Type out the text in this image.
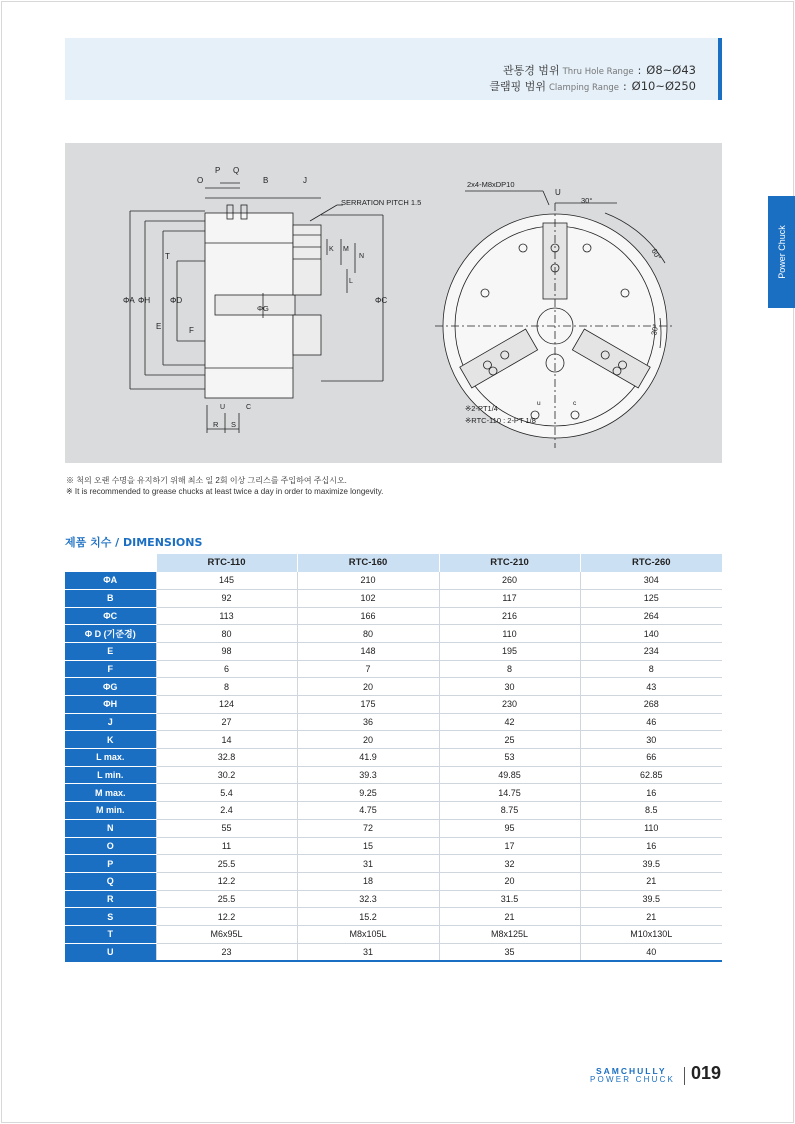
관통경 범위 Thru Hole Range : Ø8~Ø43
클램핑 범위 Clamping Range : Ø10~Ø250
Power Chuck
P Q
O	B	J
SERRATION PITCH 1.5
K M
N
L
T
ΦA ΦH
E
ΦD
F
ΦG
ΦC
U	C
R S
2x4-M8xDP10
U
30°
60°
30°
u	c
※2-PT1/4
※RTC-110 : 2-PT 1/8
※ 척의 오랜 수명을 유지하기 위해 최소 일 2회 이상 그리스를 주입하여 주십시오.
※ It is recommended to grease chucks at least twice a day in order to maximize longevity.
제품 치수 / DIMENSIONS
	RTC-110	RTC-160	RTC-210	RTC-260
ΦA	145	210	260	304
B	92	102	117	125
ΦC	113	166	216	264
Φ D (기준경)	80	80	110	140
E	98	148	195	234
F	6	7	8	8
ΦG	8	20	30	43
ΦH	124	175	230	268
J	27	36	42	46
K	14	20	25	30
L max.	32.8	41.9	53	66
L min.	30.2	39.3	49.85	62.85
M max.	5.4	9.25	14.75	16
M min.	2.4	4.75	8.75	8.5
N	55	72	95	110
O	11	15	17	16
P	25.5	31	32	39.5
Q	12.2	18	20	21
R	25.5	32.3	31.5	39.5
S	12.2	15.2	21	21
T	M6x95L	M8x105L	M8x125L	M10x130L
U	23	31	35	40
SAMCHULLY
POWER CHUCK 019
